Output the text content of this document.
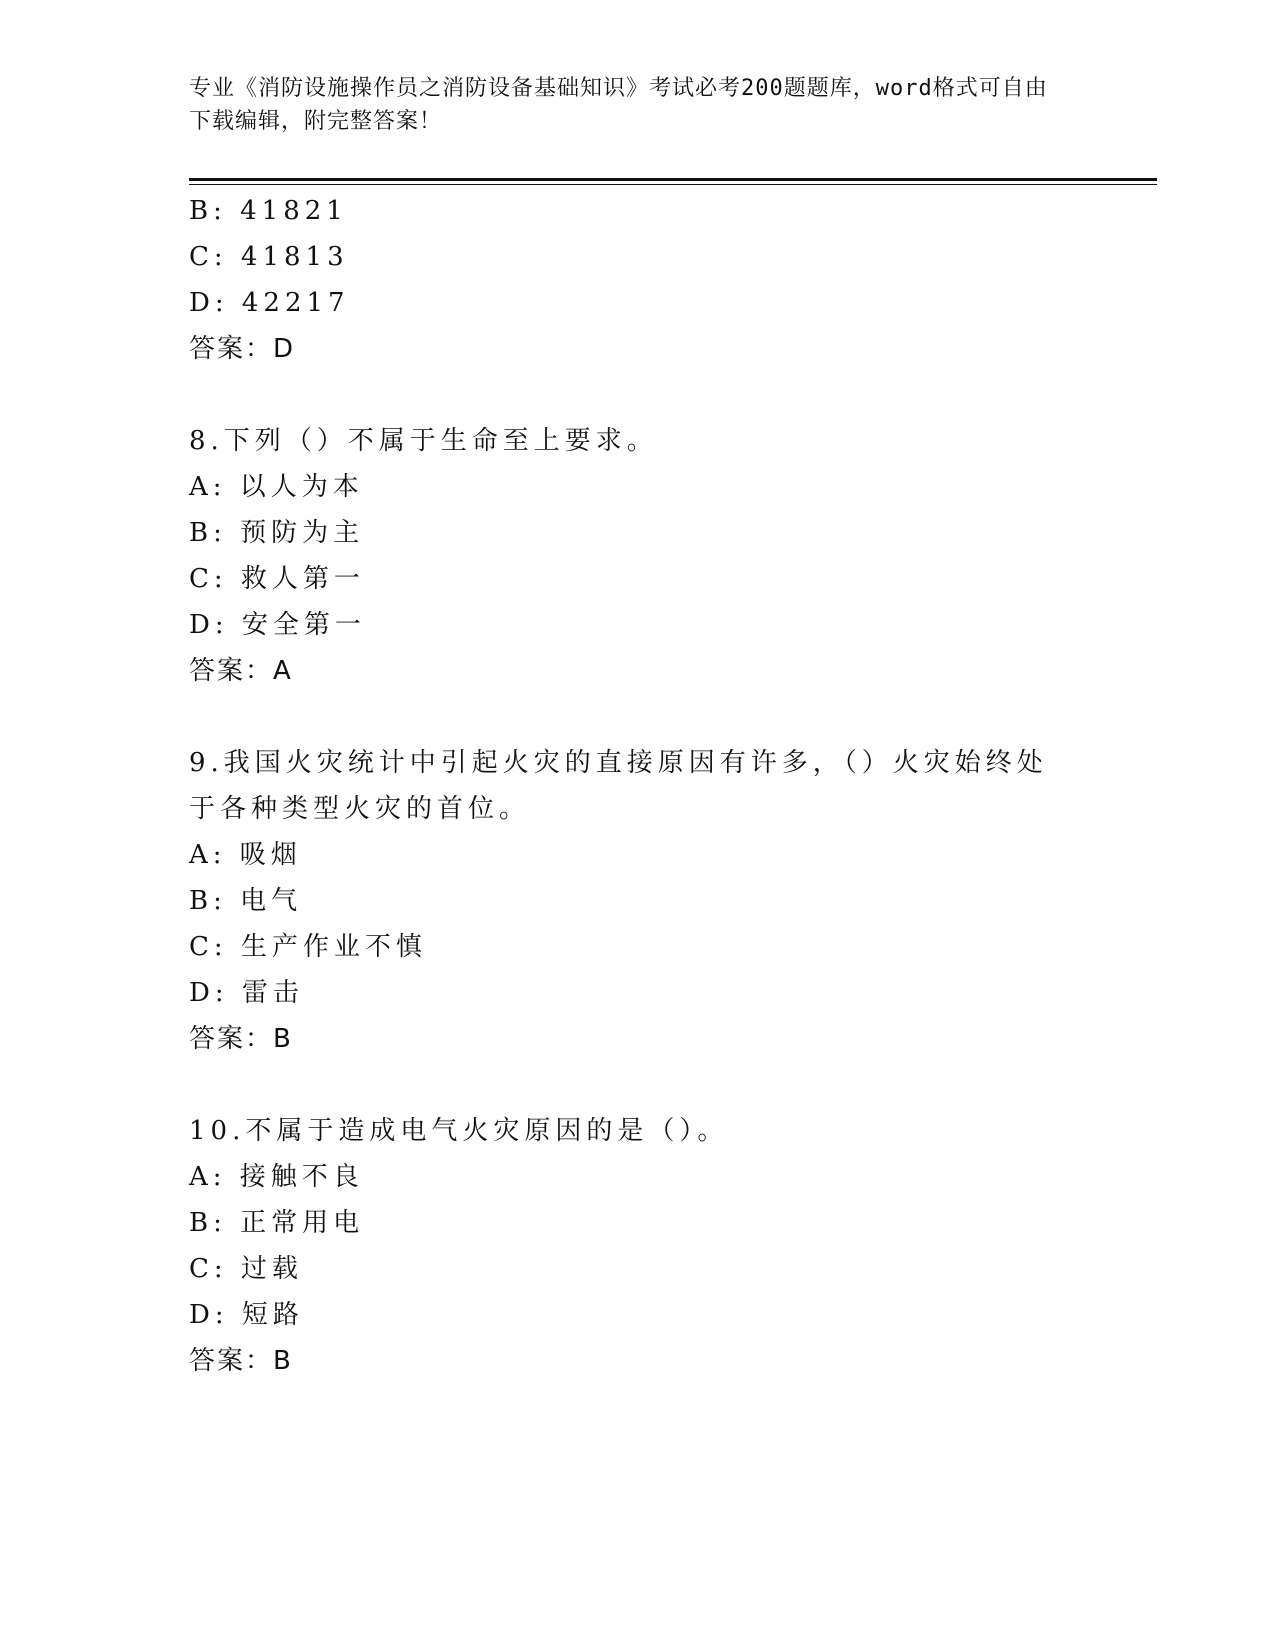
专业《消防设施操作员之消防设备基础知识》考试必考200题题库，word格式可自由下载编辑，附完整答案！
B: 41821
C: 41813
D: 42217
答案：D
8.下列（）不属于生命至上要求。
A: 以人为本
B: 预防为主
C: 救人第一
D: 安全第一
答案：A
9.我国火灾统计中引起火灾的直接原因有许多，（）火灾始终处于各种类型火灾的首位。
A: 吸烟
B: 电气
C: 生产作业不慎
D: 雷击
答案：B
10.不属于造成电气火灾原因的是（）。
A: 接触不良
B: 正常用电
C: 过载
D: 短路
答案：B
